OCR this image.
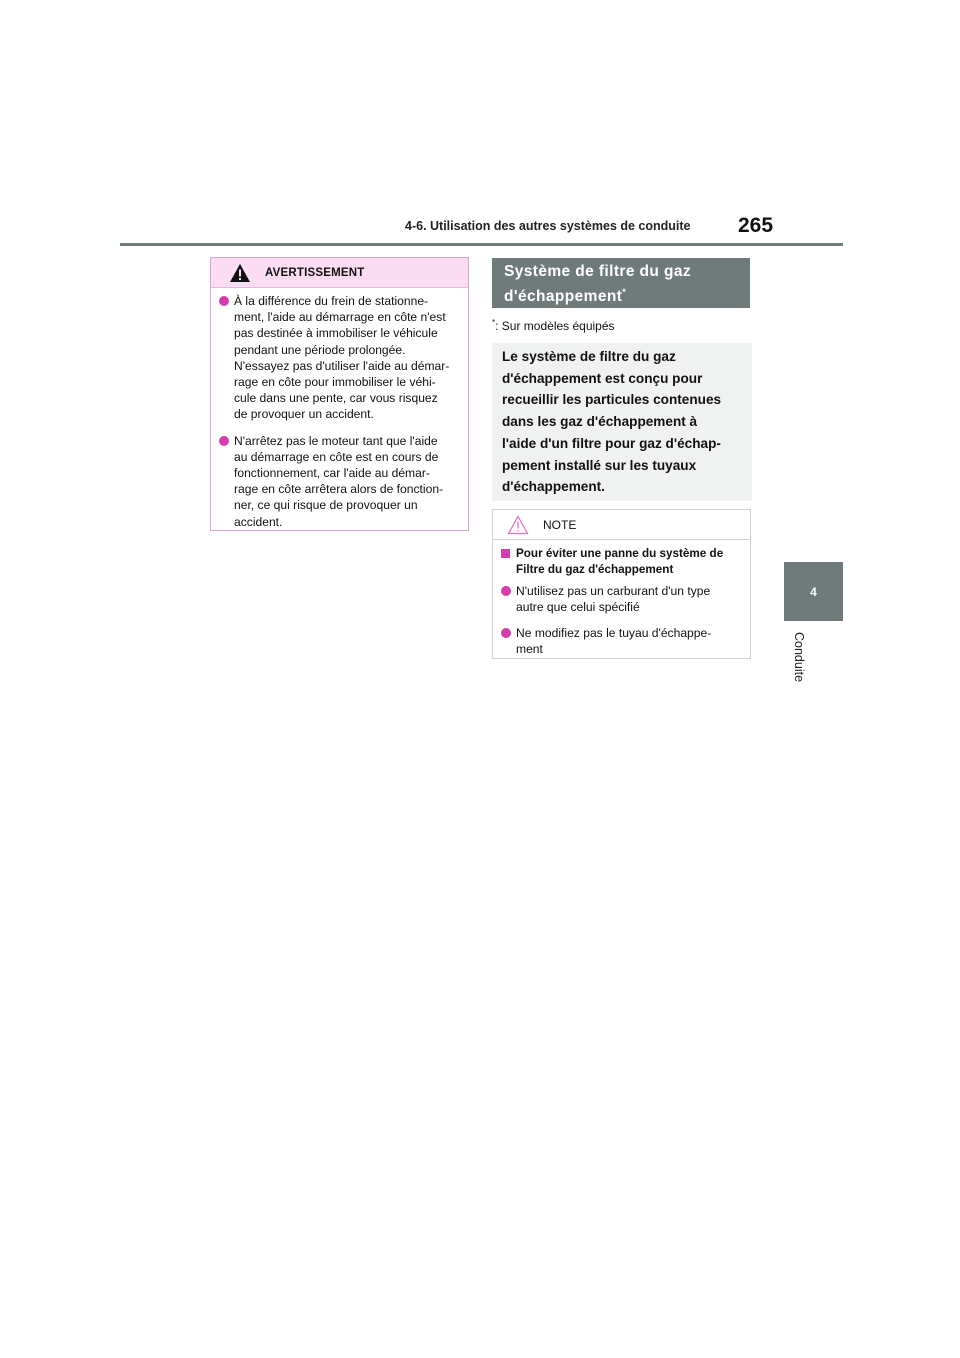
4-6. Utilisation des autres systèmes de conduite 265
4
Conduite
AVERTISSEMENT
À la différence du frein de stationne-
ment, l'aide au démarrage en côte n'est
pas destinée à immobiliser le véhicule
pendant une période prolongée.
N'essayez pas d'utiliser l'aide au démar-
rage en côte pour immobiliser le véhi-
cule dans une pente, car vous risquez
de provoquer un accident.
N'arrêtez pas le moteur tant que l'aide
au démarrage en côte est en cours de
fonctionnement, car l'aide au démar-
rage en côte arrêtera alors de fonction-
ner, ce qui risque de provoquer un
accident.
Système de filtre du gaz
d'échappement*
*: Sur modèles équipés
Le système de filtre du gaz
d'échappement est conçu pour
recueillir les particules contenues
dans les gaz d'échappement à
l'aide d'un filtre pour gaz d'échap-
pement installé sur les tuyaux
d'échappement.
NOTE
Pour éviter une panne du système de
Filtre du gaz d'échappement
N'utilisez pas un carburant d'un type
autre que celui spécifié
Ne modifiez pas le tuyau d'échappe-
ment
